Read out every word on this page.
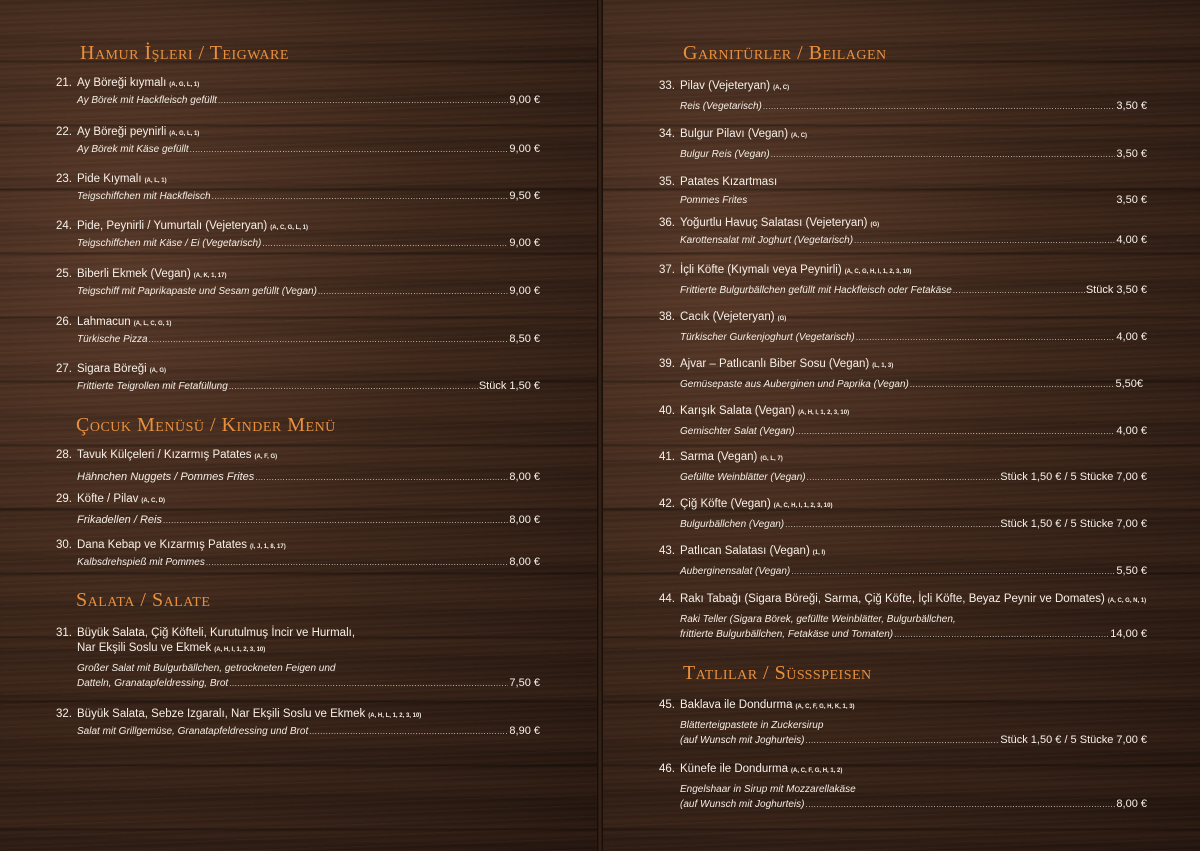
Hamur İşleri / Teigware
21. Ay Böreği kıymalı (A, G, L, 1)
Ay Börek mit Hackfleisch gefüllt .....	9,00 €
22. Ay Böreği peynirli (A, G, L, 1)
Ay Börek mit Käse gefüllt .....	9,00 €
23. Pide Kıymalı (A, L, 1)
Teigschiffchen mit Hackfleisch .....	9,50 €
24. Pide, Peynirli / Yumurtalı (Vejeteryan) (A, C, G, L, 1)
Teigschiffchen mit Käse / Ei (Vegetarisch) .....	9,00 €
25. Biberli Ekmek (Vegan) (A, K, 1, 17)
Teigschiff mit Paprikapaste und Sesam gefüllt (Vegan) .....	9,00 €
26. Lahmacun (A, L, C, G, 1)
Türkische Pizza .....	8,50 €
27. Sigara Böreği (A, G)
Frittierte Teigrollen mit Fetafüllung .....	Stück 1,50 €
Çocuk Menüsü / Kinder Menü
28. Tavuk Külçeleri / Kızarmış Patates (A, F, G)
Hähnchen Nuggets / Pommes Frites .....	8,00 €
29. Köfte / Pilav (A, C, D)
Frikadellen / Reis .....	8,00 €
30. Dana Kebap ve Kızarmış Patates (I, J, 1, 8, 17)
Kalbsdrehspieß mit Pommes .....	8,00 €
Salata / Salate
31. Büyük Salata, Çiğ Köfteli, Kurutulmuş İncir ve Hurmalı,
Nar Ekşili Soslu ve Ekmek (A, H, I, 1, 2, 3, 10)
Großer Salat mit Bulgurbällchen, getrockneten Feigen und
Datteln, Granatapfeldressing, Brot .....	7,50 €
32. Büyük Salata, Sebze Izgaralı, Nar Ekşili Soslu ve Ekmek (A, H, L, 1, 2, 3, 10)
Salat mit Grillgemüse, Granatapfeldressing und Brot .....	8,90 €
Garnitürler / Beilagen
33. Pilav (Vejeteryan) (A, C)
Reis (Vegetarisch) .....	3,50 €
34. Bulgur Pilavı (Vegan) (A, C)
Bulgur Reis (Vegan) .....	3,50 €
35. Patates Kızartması
Pommes Frites	3,50 €
36. Yoğurtlu Havuç Salatası (Vejeteryan) (G)
Karottensalat mit Joghurt (Vegetarisch) .....	4,00 €
37. İçli Köfte (Kıymalı veya Peynirli) (A, C, G, H, I, 1, 2, 3, 10)
Frittierte Bulgurbällchen gefüllt mit Hackfleisch oder Fetakäse .....	Stück 3,50 €
38. Cacık (Vejeteryan) (G)
Türkischer Gurkenjoghurt (Vegetarisch) .....	4,00 €
39. Ajvar – Patlıcanlı Biber Sosu (Vegan) (L, 1, 3)
Gemüsepaste aus Auberginen und Paprika (Vegan) .....	5,50€
40. Karışık Salata (Vegan) (A, H, I, 1, 2, 3, 10)
Gemischter Salat (Vegan) .....	4,00 €
41. Sarma (Vegan) (G, L, 7)
Gefüllte Weinblätter (Vegan) .....	Stück 1,50 € / 5 Stücke 7,00 €
42. Çiğ Köfte (Vegan) (A, C, H, I, 1, 2, 3, 10)
Bulgurbällchen (Vegan) .....	Stück 1,50 € / 5 Stücke 7,00 €
43. Patlıcan Salatası (Vegan) (1, I)
Auberginensalat (Vegan) .....	5,50 €
44. Rakı Tabağı (Sigara Böreği, Sarma, Çiğ Köfte, İçli Köfte, Beyaz Peynir ve Domates) (A, C, G, N, 1)
Raki Teller (Sigara Börek, gefüllte Weinblätter, Bulgurbällchen,
frittierte Bulgurbällchen, Fetakäse und Tomaten) .....	14,00 €
Tatlılar / Süßspeisen
45. Baklava ile Dondurma (A, C, F, G, H, K, 1, 3)
Blätterteigpastete in Zuckersirup
(auf Wunsch mit Joghurteis) .....	Stück 1,50 € / 5 Stücke 7,00 €
46. Künefe ile Dondurma (A, C, F, G, H, 1, 2)
Engelshaar in Sirup mit Mozzarellakäse
(auf Wunsch mit Joghurteis) .....	8,00 €
